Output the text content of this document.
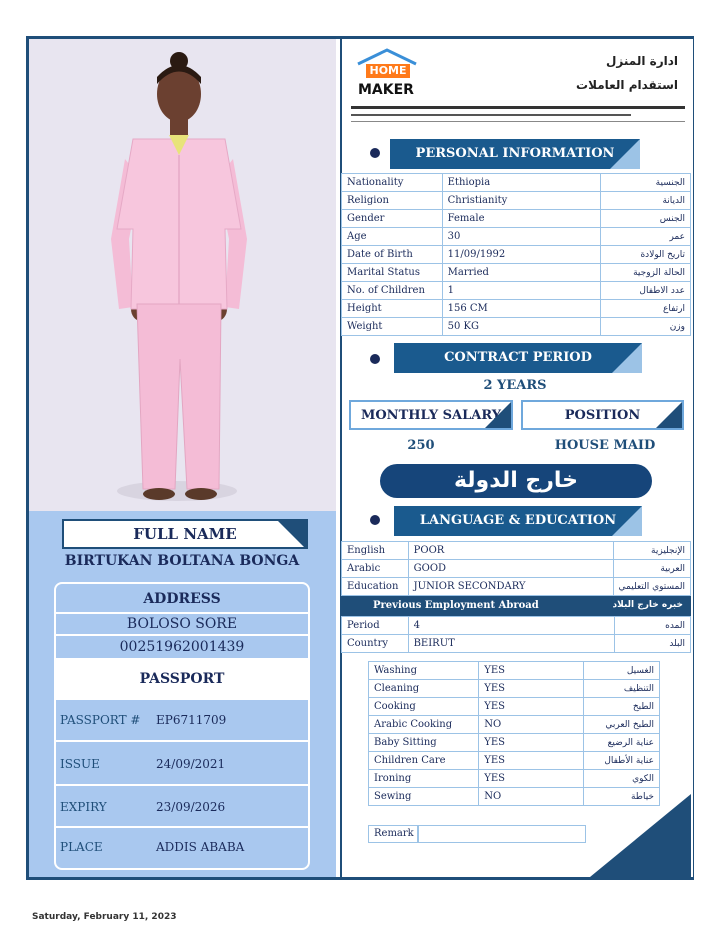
HOME
MAKER
ادارة المنزل
استقدام العاملات
PERSONAL INFORMATION
Nationality	Ethiopia	الجنسية
Religion	Christianity	الديانة
Gender	Female	الجنس
Age	30	عمر
Date of Birth	11/09/1992	تاريخ الولادة
Marital Status	Married	الحالة الزوجية
No. of Children	1	عدد الاطفال
Height	156 CM	ارتفاع
Weight	50 KG	وزن
CONTRACT PERIOD
2 YEARS
MONTHLY SALARY	POSITION
250	HOUSE MAID
خارج الدولة
LANGUAGE & EDUCATION
English	POOR	الإنجليزية
Arabic	GOOD	العربية
Education	JUNIOR SECONDARY	المستوي التعليمي
Previous Employment Abroad	خبره خارج البلاد
Period	4	المده
Country	BEIRUT	البلد
Washing	YES	الغسيل
Cleaning	YES	التنظيف
Cooking	YES	الطبخ
Arabic Cooking	NO	الطبخ العربي
Baby Sitting	YES	عناية الرضيع
Children Care	YES	عناية الأطفال
Ironing	YES	الكوي
Sewing	NO	خياطة
Remark
FULL NAME
BIRTUKAN BOLTANA BONGA
ADDRESS
BOLOSO SORE
00251962001439
PASSPORT
PASSPORT # EP6711709
ISSUE	24/09/2021
EXPIRY	23/09/2026
PLACE	ADDIS ABABA
Saturday, February 11, 2023
